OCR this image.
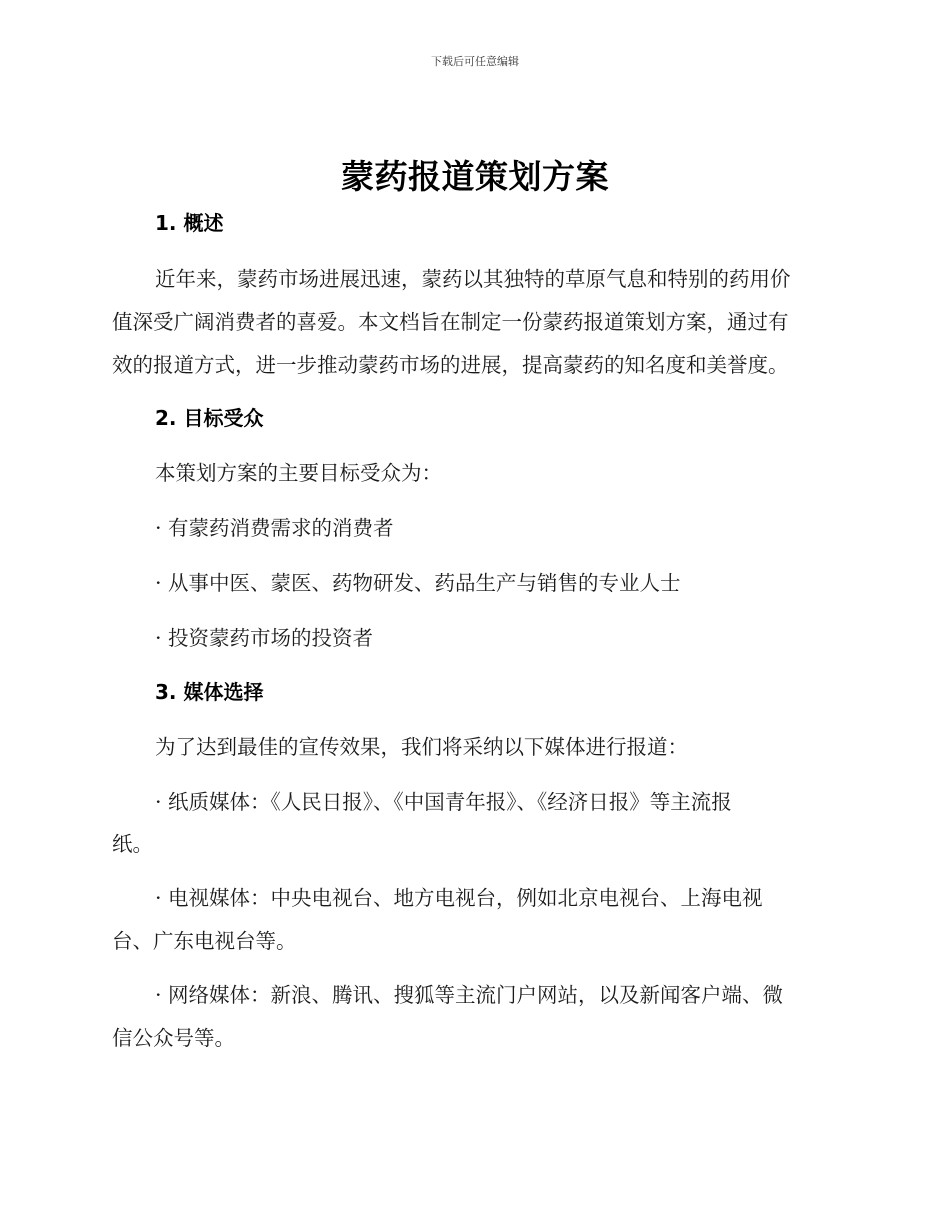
下载后可任意编辑
蒙药报道策划方案
1. 概述
近年来，蒙药市场进展迅速，蒙药以其独特的草原气息和特别的药用价
值深受广阔消费者的喜爱。本文档旨在制定一份蒙药报道策划方案，通过有
效的报道方式，进一步推动蒙药市场的进展，提高蒙药的知名度和美誉度。
2. 目标受众
本策划方案的主要目标受众为：
· 有蒙药消费需求的消费者
· 从事中医、蒙医、药物研发、药品生产与销售的专业人士
· 投资蒙药市场的投资者
3. 媒体选择
为了达到最佳的宣传效果，我们将采纳以下媒体进行报道：
· 纸质媒体：《人民日报》、《中国青年报》、《经济日报》等主流报
纸。
· 电视媒体：中央电视台、地方电视台，例如北京电视台、上海电视
台、广东电视台等。
· 网络媒体：新浪、腾讯、搜狐等主流门户网站，以及新闻客户端、微
信公众号等。
